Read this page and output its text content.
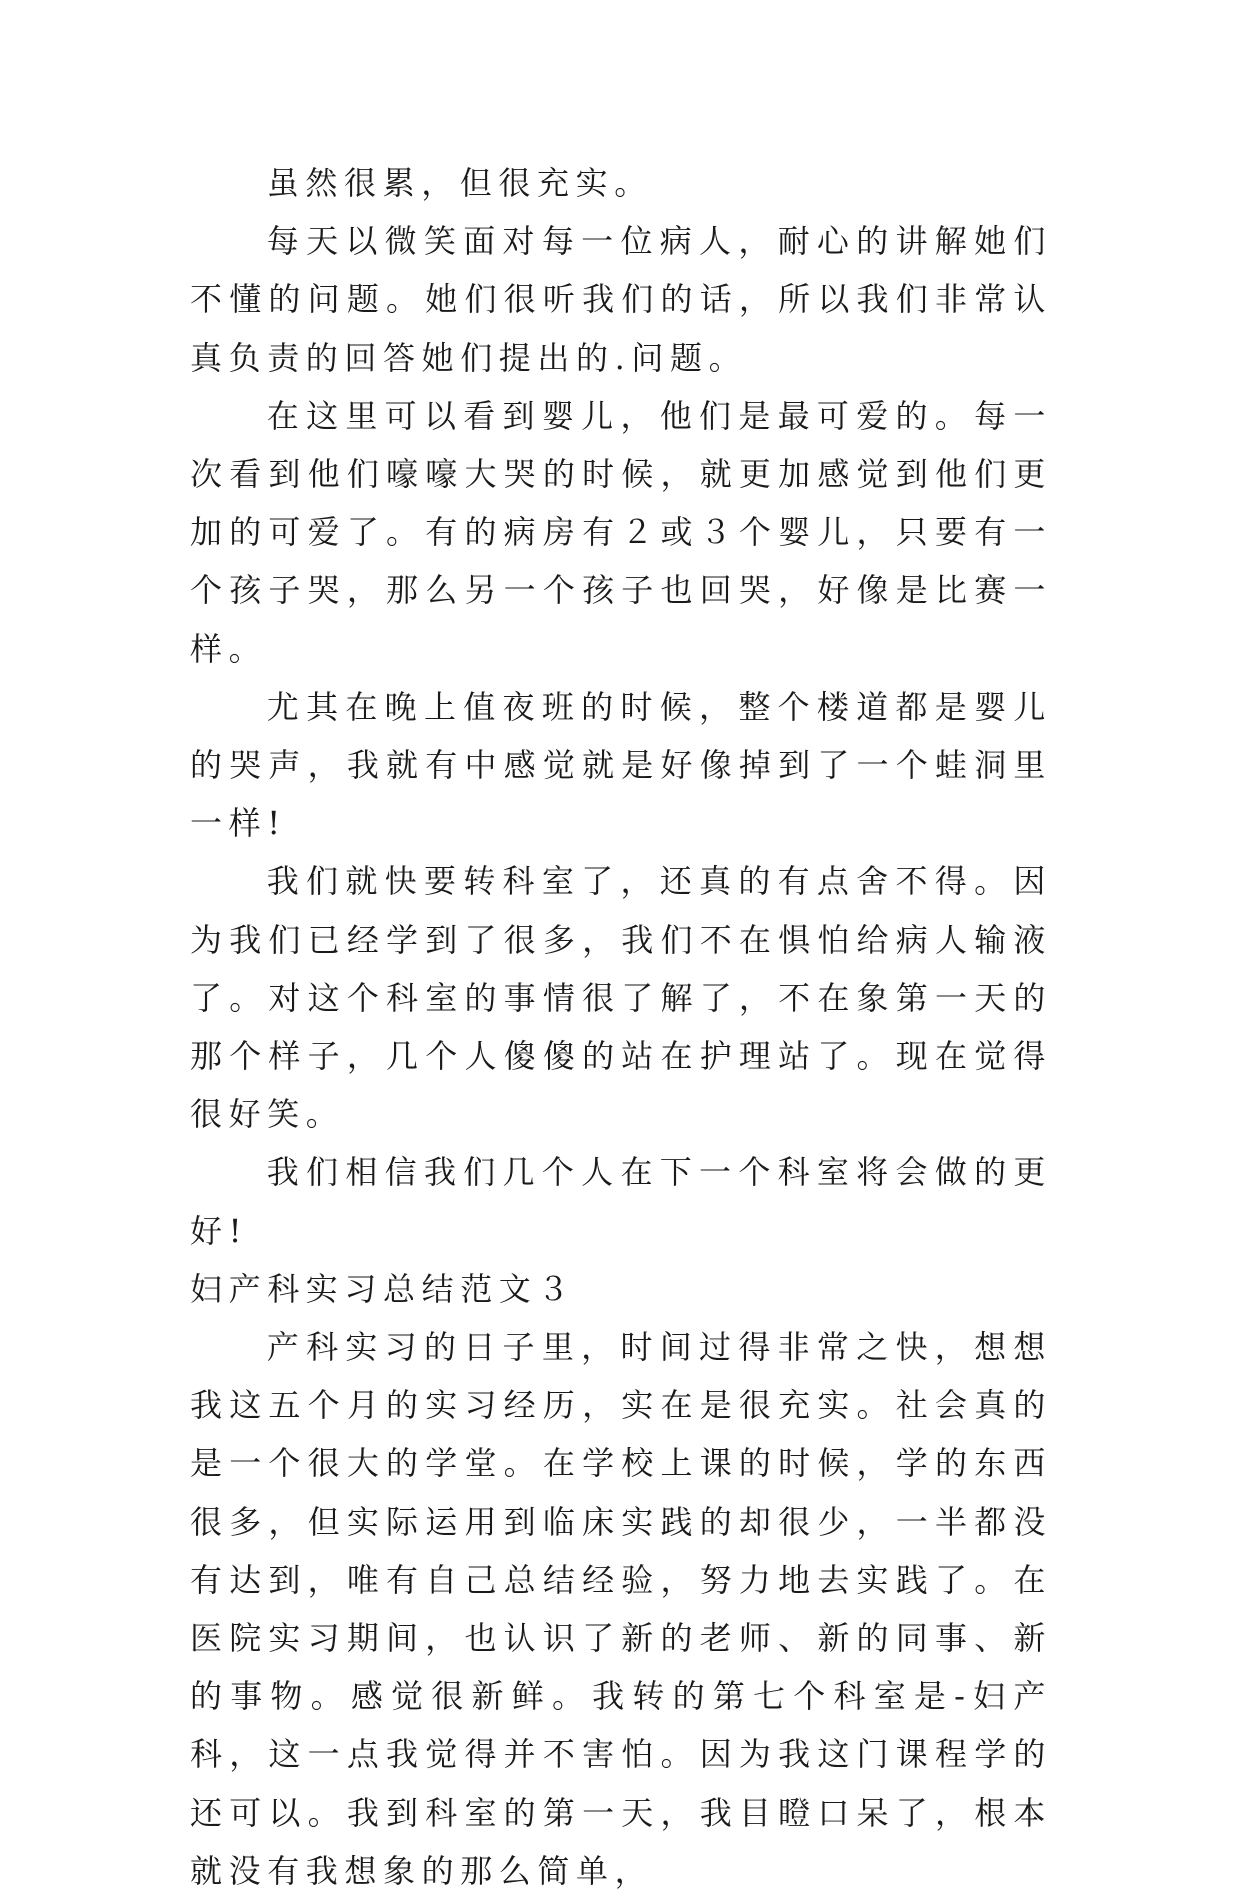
虽然很累，但很充实。

每天以微笑面对每一位病人，耐心的讲解她们不懂的问题。她们很听我们的话，所以我们非常认真负责的回答她们提出的.问题。

在这里可以看到婴儿，他们是最可爱的。每一次看到他们嚎嚎大哭的时候，就更加感觉到他们更加的可爱了。有的病房有２或３个婴儿，只要有一个孩子哭，那么另一个孩子也回哭，好像是比赛一样。

尤其在晚上值夜班的时候，整个楼道都是婴儿的哭声，我就有中感觉就是好像掉到了一个蛙洞里一样!

我们就快要转科室了，还真的有点舍不得。因为我们已经学到了很多，我们不在惧怕给病人输液了。对这个科室的事情很了解了，不在象第一天的那个样子，几个人傻傻的站在护理站了。现在觉得很好笑。

我们相信我们几个人在下一个科室将会做的更好!

妇产科实习总结范文３

产科实习的日子里，时间过得非常之快，想想我这五个月的实习经历，实在是很充实。社会真的是一个很大的学堂。在学校上课的时候，学的东西很多，但实际运用到临床实践的却很少，一半都没有达到，唯有自己总结经验，努力地去实践了。在医院实习期间，也认识了新的老师、新的同事、新的事物。感觉很新鲜。我转的第七个科室是-妇产科，这一点我觉得并不害怕。因为我这门课程学的还可以。我到科室的第一天，我目瞪口呆了，根本就没有我想象的那么简单，
